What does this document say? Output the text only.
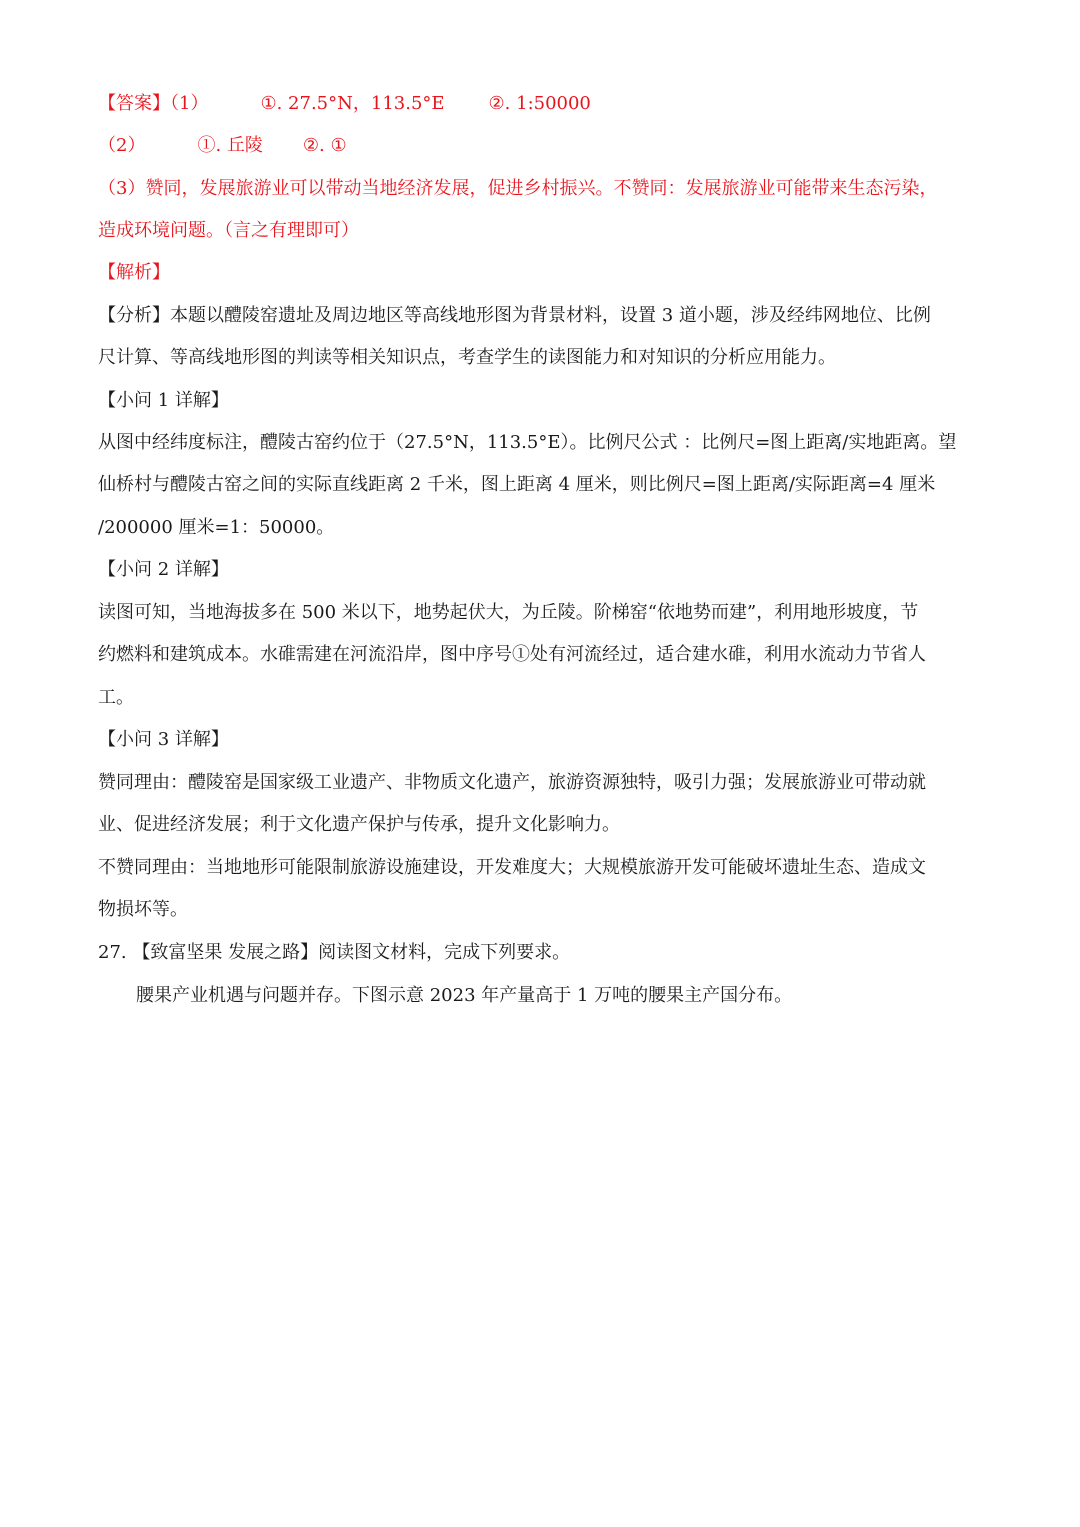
【答案】（1）	①. 27.5°N，113.5°E ②. 1:50000
（2）	①. 丘陵 ②. ①
（3）赞同，发展旅游业可以带动当地经济发展，促进乡村振兴。不赞同：发展旅游业可能带来生态污染，
造成环境问题。（言之有理即可）
【解析】
【分析】本题以醴陵窑遗址及周边地区等高线地形图为背景材料，设置 3 道小题，涉及经纬网地位、比例
尺计算、等高线地形图的判读等相关知识点，考查学生的读图能力和对知识的分析应用能力。
【小问 1 详解】
从图中经纬度标注，醴陵古窑约位于（27.5°N，113.5°E）。比例尺公式 ：比例尺=图上距离/实地距离。望
仙桥村与醴陵古窑之间的实际直线距离 2 千米，图上距离 4 厘米，则比例尺=图上距离/实际距离=4 厘米
/200000 厘米=1：50000。
【小问 2 详解】
读图可知，当地海拔多在 500 米以下，地势起伏大，为丘陵。阶梯窑“依地势而建”，利用地形坡度，节
约燃料和建筑成本。水碓需建在河流沿岸，图中序号①处有河流经过，适合建水碓，利用水流动力节省人
工。
【小问 3 详解】
赞同理由：醴陵窑是国家级工业遗产、非物质文化遗产，旅游资源独特，吸引力强；发展旅游业可带动就
业、促进经济发展；利于文化遗产保护与传承，提升文化影响力。
不赞同理由：当地地形可能限制旅游设施建设，开发难度大；大规模旅游开发可能破坏遗址生态、造成文
物损坏等。
27. 【致富坚果 发展之路】阅读图文材料，完成下列要求。
腰果产业机遇与问题并存。下图示意 2023 年产量高于 1 万吨的腰果主产国分布。
